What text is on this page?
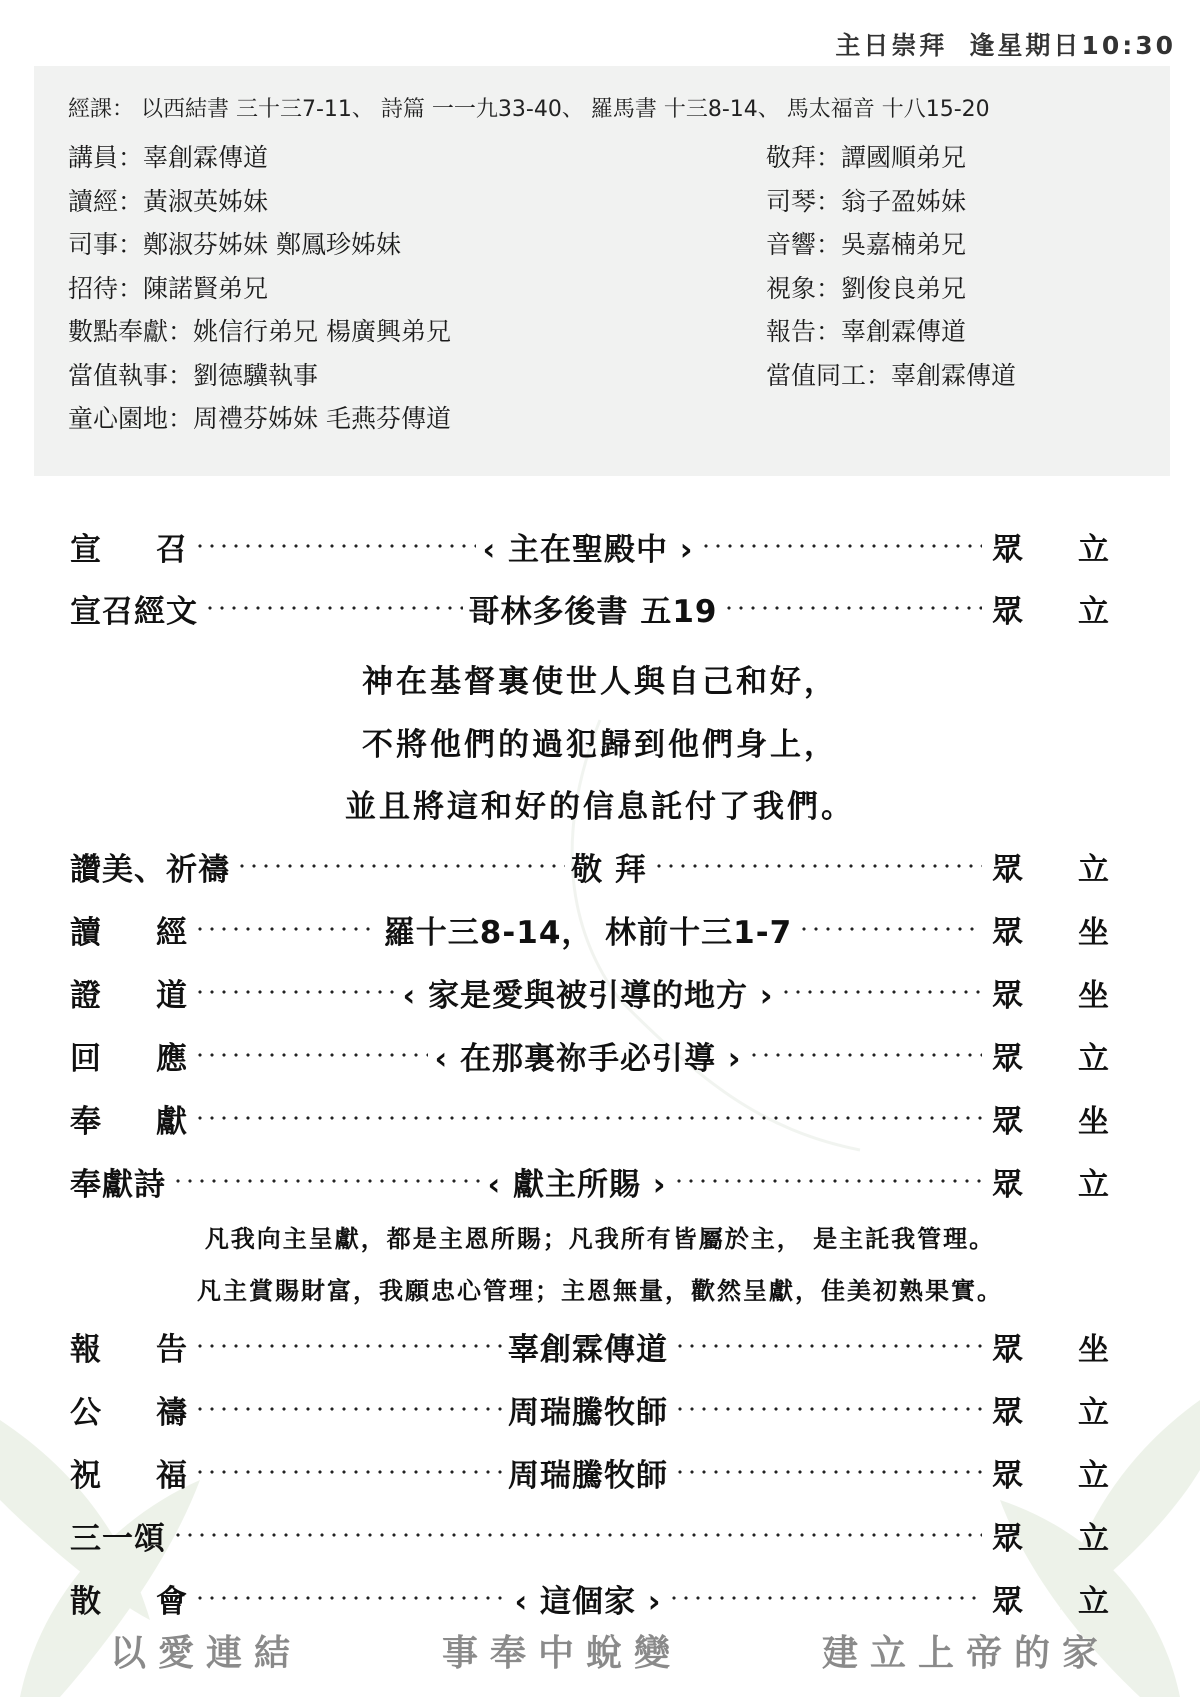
主日崇拜 逢星期日10:30
經課： 以西結書 三十三7-11、 詩篇 一一九33-40、 羅馬書 十三8-14、 馬太福音 十八15-20
講員：辜創霖傳道
讀經：黃淑英姊妹
司事：鄭淑芬姊妹 鄭鳳珍姊妹
招待：陳諾賢弟兄
數點奉獻：姚信行弟兄 楊廣興弟兄
當值執事：劉德驥執事
童心園地：周禮芬姊妹 毛燕芬傳道
敬拜：譚國順弟兄
司琴：翁子盈姊妹
音響：吳嘉楠弟兄
視象：劉俊良弟兄
報告：辜創霖傳道
當值同工：辜創霖傳道
宣 召	‹ 主在聖殿中 ›	眾 立
宣召經文	哥林多後書 五19	眾 立
神在基督裏使世人與自己和好，
不將他們的過犯歸到他們身上，
並且將這和好的信息託付了我們。
讚美、祈禱	敬 拜	眾 立
讀 經	羅十三8-14， 林前十三1-7	眾 坐
證 道	‹ 家是愛與被引導的地方 ›	眾 坐
回 應	‹ 在那裏祢手必引導 ›	眾 立
奉 獻	眾 坐
奉獻詩	‹ 獻主所賜 ›	眾 立
凡我向主呈獻，都是主恩所賜；凡我所有皆屬於主， 是主託我管理。
凡主賞賜財富，我願忠心管理；主恩無量，歡然呈獻，佳美初熟果實。
報 告	辜創霖傳道	眾 坐
公 禱	周瑞騰牧師	眾 立
祝 福	周瑞騰牧師	眾 立
三一頌	眾 立
散 會	‹ 這個家 ›	眾 立
以愛連結	事奉中蛻變	建立上帝的家
